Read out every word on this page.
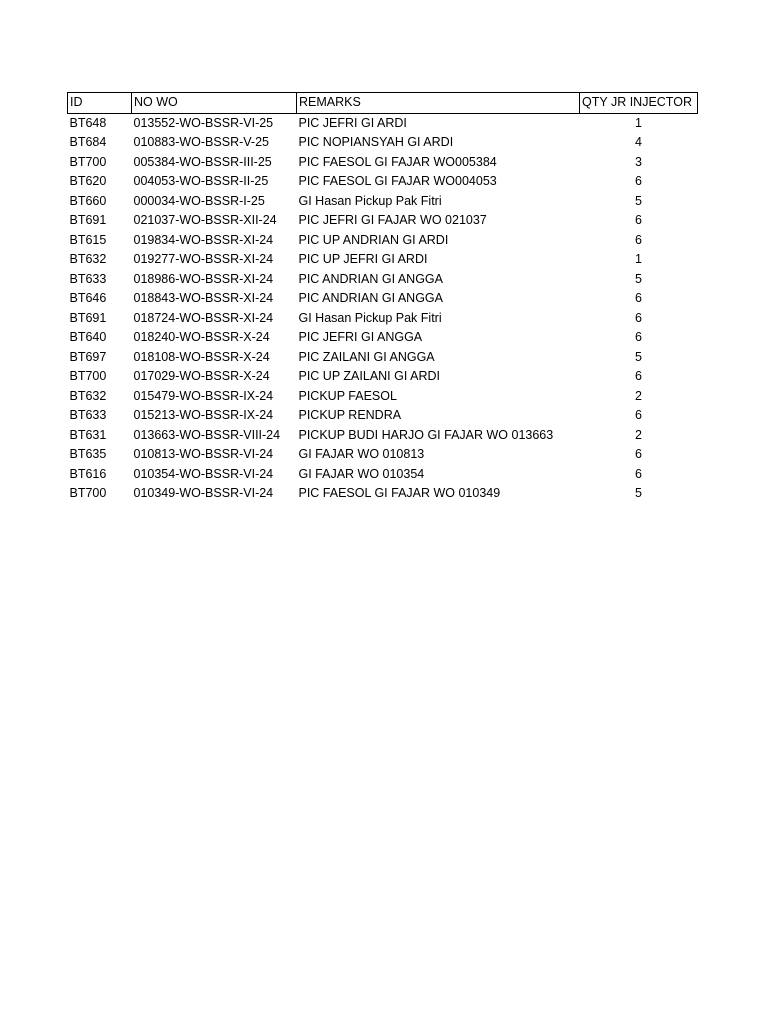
ID	NO WO	REMARKS	QTY JR INJECTOR
BT648	013552-WO-BSSR-VI-25	PIC JEFRI GI ARDI	1
BT684	010883-WO-BSSR-V-25	PIC NOPIANSYAH GI ARDI	4
BT700	005384-WO-BSSR-III-25	PIC FAESOL GI FAJAR WO005384	3
BT620	004053-WO-BSSR-II-25	PIC FAESOL GI FAJAR WO004053	6
BT660	000034-WO-BSSR-I-25	GI Hasan Pickup Pak Fitri	5
BT691	021037-WO-BSSR-XII-24	PIC JEFRI GI FAJAR WO 021037	6
BT615	019834-WO-BSSR-XI-24	PIC UP ANDRIAN GI ARDI	6
BT632	019277-WO-BSSR-XI-24	PIC UP JEFRI GI ARDI	1
BT633	018986-WO-BSSR-XI-24	PIC ANDRIAN GI ANGGA	5
BT646	018843-WO-BSSR-XI-24	PIC ANDRIAN GI ANGGA	6
BT691	018724-WO-BSSR-XI-24	GI Hasan Pickup Pak Fitri	6
BT640	018240-WO-BSSR-X-24	PIC JEFRI GI ANGGA	6
BT697	018108-WO-BSSR-X-24	PIC ZAILANI GI ANGGA	5
BT700	017029-WO-BSSR-X-24	PIC UP ZAILANI GI ARDI	6
BT632	015479-WO-BSSR-IX-24	PICKUP FAESOL	2
BT633	015213-WO-BSSR-IX-24	PICKUP RENDRA	6
BT631	013663-WO-BSSR-VIII-24	PICKUP BUDI HARJO GI FAJAR WO 013663	2
BT635	010813-WO-BSSR-VI-24	GI FAJAR WO 010813	6
BT616	010354-WO-BSSR-VI-24	GI FAJAR WO 010354	6
BT700	010349-WO-BSSR-VI-24	PIC FAESOL GI FAJAR WO 010349	5
